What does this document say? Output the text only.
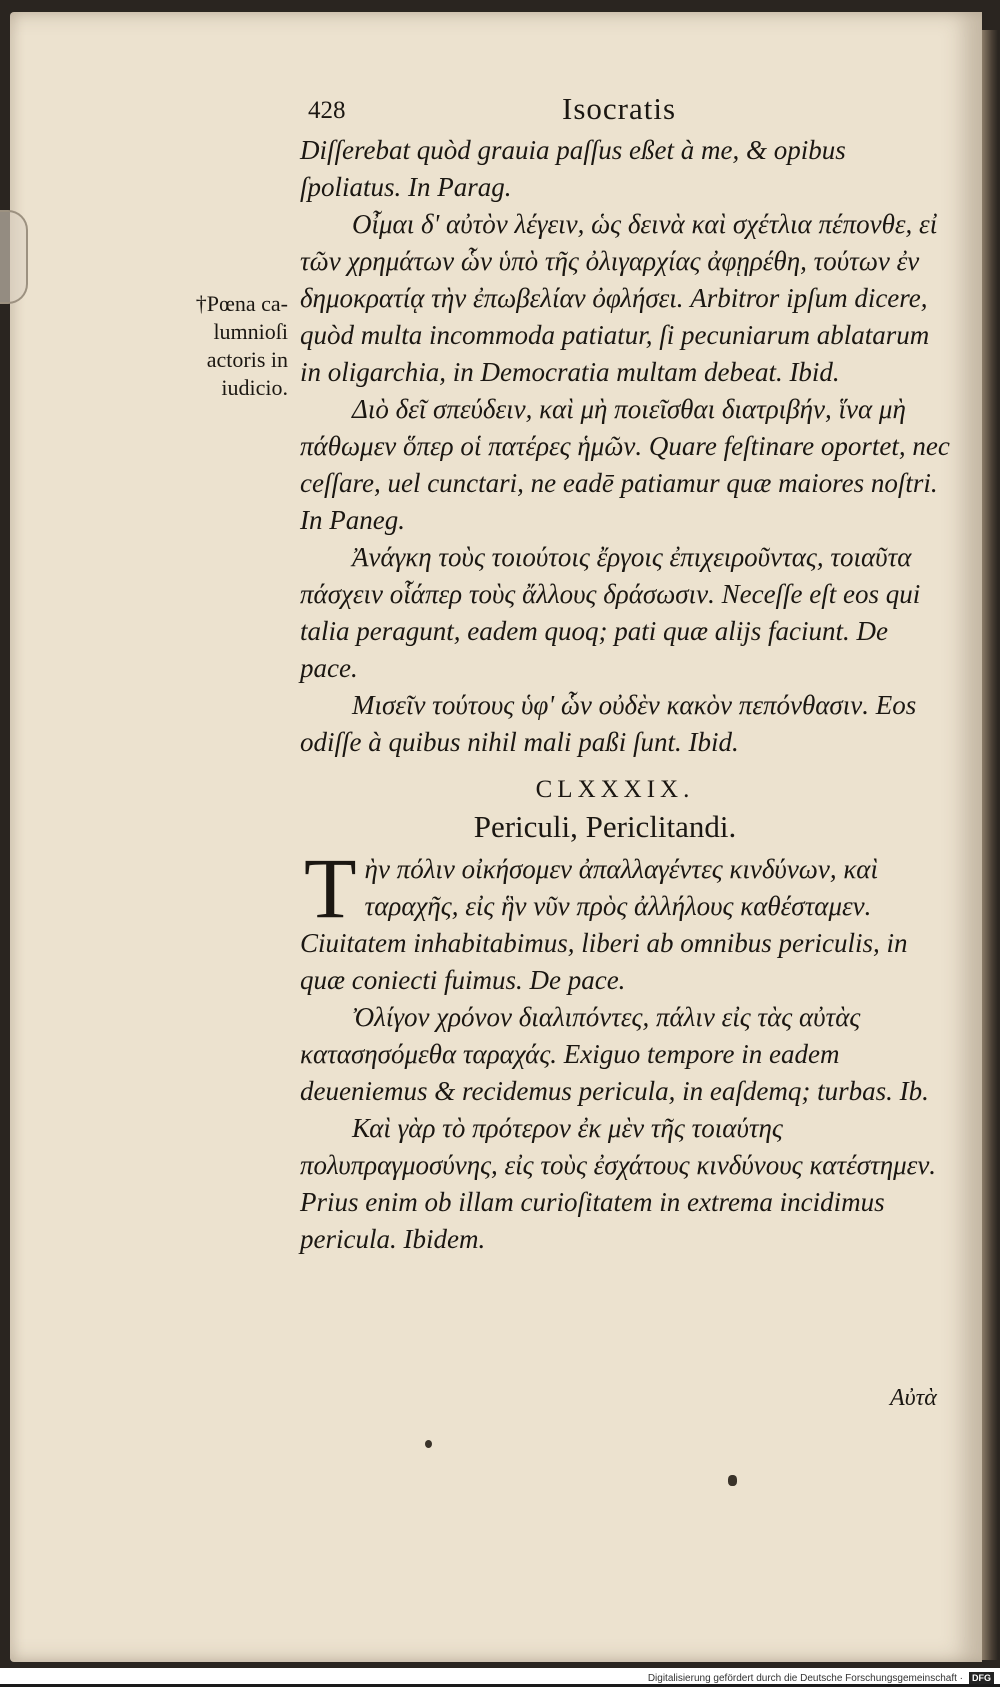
†Pœna ca-
lumnioſi
actoris in
iudicio.
428	Isocratis

Diſſerebat quòd grauia paſſus eßet à me, & opibus ſpoliatus. In Parag.

Οἶμαι δ' αὐτὸν λέγειν, ὡς δεινὰ καὶ σχέτλια πέπονθε, εἰ τῶν χρημάτων ὧν ὑπὸ τῆς ὀλιγαρχίας ἀφῃρέθη, τούτων ἐν δημοκρατίᾳ τὴν ἐπωβελίαν ὀφλήσει. Arbitror ipſum dicere, quòd multa incommoda patiatur, ſi pecuniarum ablatarum in oligarchia, in Democratia multam debeat. Ibid.

Διὸ δεῖ σπεύδειν, καὶ μὴ ποιεῖσθαι διατριβήν, ἵνα μὴ πάθωμεν ὅπερ οἱ πατέρες ἡμῶν. Quare feſtinare oportet, nec ceſſare, uel cunctari, ne eadē patiamur quæ maiores noſtri. In Paneg.

Ἀνάγκη τοὺς τοιούτοις ἔργοις ἐπιχειροῦντας, τοιαῦτα πάσχειν οἷάπερ τοὺς ἄλλους δράσωσιν. Neceſſe eſt eos qui talia peragunt, eadem quoq; pati quæ alijs faciunt. De pace.

Μισεῖν τούτους ὑφ' ὧν οὐδὲν κακὸν πεπόνθασιν. Eos odiſſe à quibus nihil mali paßi ſunt. Ibid.

CLXXXIX.
Periculi, Periclitandi.

T ὴν πόλιν οἰκήσομεν ἀπαλλαγέντες κινδύνων, καὶ ταραχῆς, εἰς ἣν νῦν πρὸς ἀλλήλους καθέσταμεν. Ciuitatem inhabitabimus, liberi ab omnibus periculis, in quæ coniecti fuimus. De pace.

Ὀλίγον χρόνον διαλιπόντες, πάλιν εἰς τὰς αὐτὰς κατασησόμεθα ταραχάς. Exiguo tempore in eadem deueniemus & recidemus pericula, in eaſdemq; turbas. Ib.

Καὶ γὰρ τὸ πρότερον ἐκ μὲν τῆς τοιαύτης πολυπραγμοσύνης, εἰς τοὺς ἐσχάτους κινδύνους κατέστημεν. Prius enim ob illam curioſitatem in extrema incidimus pericula. Ibidem.

Αὐτὰ
Digitalisierung gefördert durch die Deutsche Forschungsgemeinschaft · DFG
